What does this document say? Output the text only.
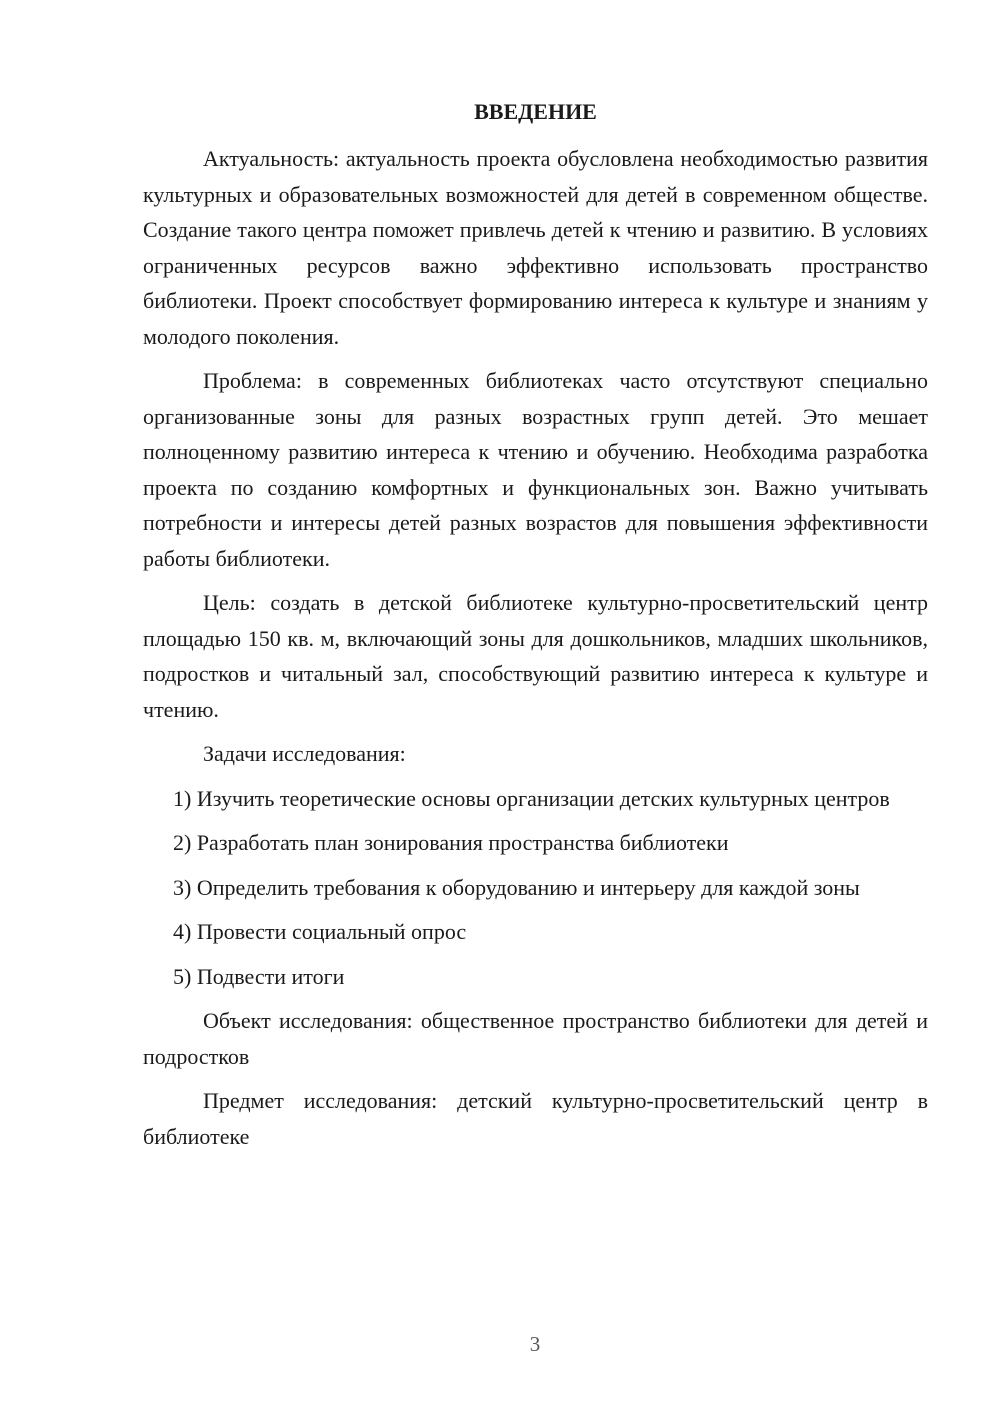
ВВЕДЕНИЕ

Актуальность: актуальность проекта обусловлена необходимостью развития культурных и образовательных возможностей для детей в современном обществе. Создание такого центра поможет привлечь детей к чтению и развитию. В условиях ограниченных ресурсов важно эффективно использовать пространство библиотеки. Проект способствует формированию интереса к культуре и знаниям у молодого поколения.

Проблема: в современных библиотеках часто отсутствуют специально организованные зоны для разных возрастных групп детей. Это мешает полноценному развитию интереса к чтению и обучению. Необходима разработка проекта по созданию комфортных и функциональных зон. Важно учитывать потребности и интересы детей разных возрастов для повышения эффективности работы библиотеки.

Цель: создать в детской библиотеке культурно-просветительский центр площадью 150 кв. м, включающий зоны для дошкольников, младших школьников, подростков и читальный зал, способствующий развитию интереса к культуре и чтению.

Задачи исследования:

1) Изучить теоретические основы организации детских культурных центров

2) Разработать план зонирования пространства библиотеки

3) Определить требования к оборудованию и интерьеру для каждой зоны

4) Провести социальный опрос

5) Подвести итоги

Объект исследования: общественное пространство библиотеки для детей и подростков

Предмет исследования: детский культурно-просветительский центр в библиотеке

3
